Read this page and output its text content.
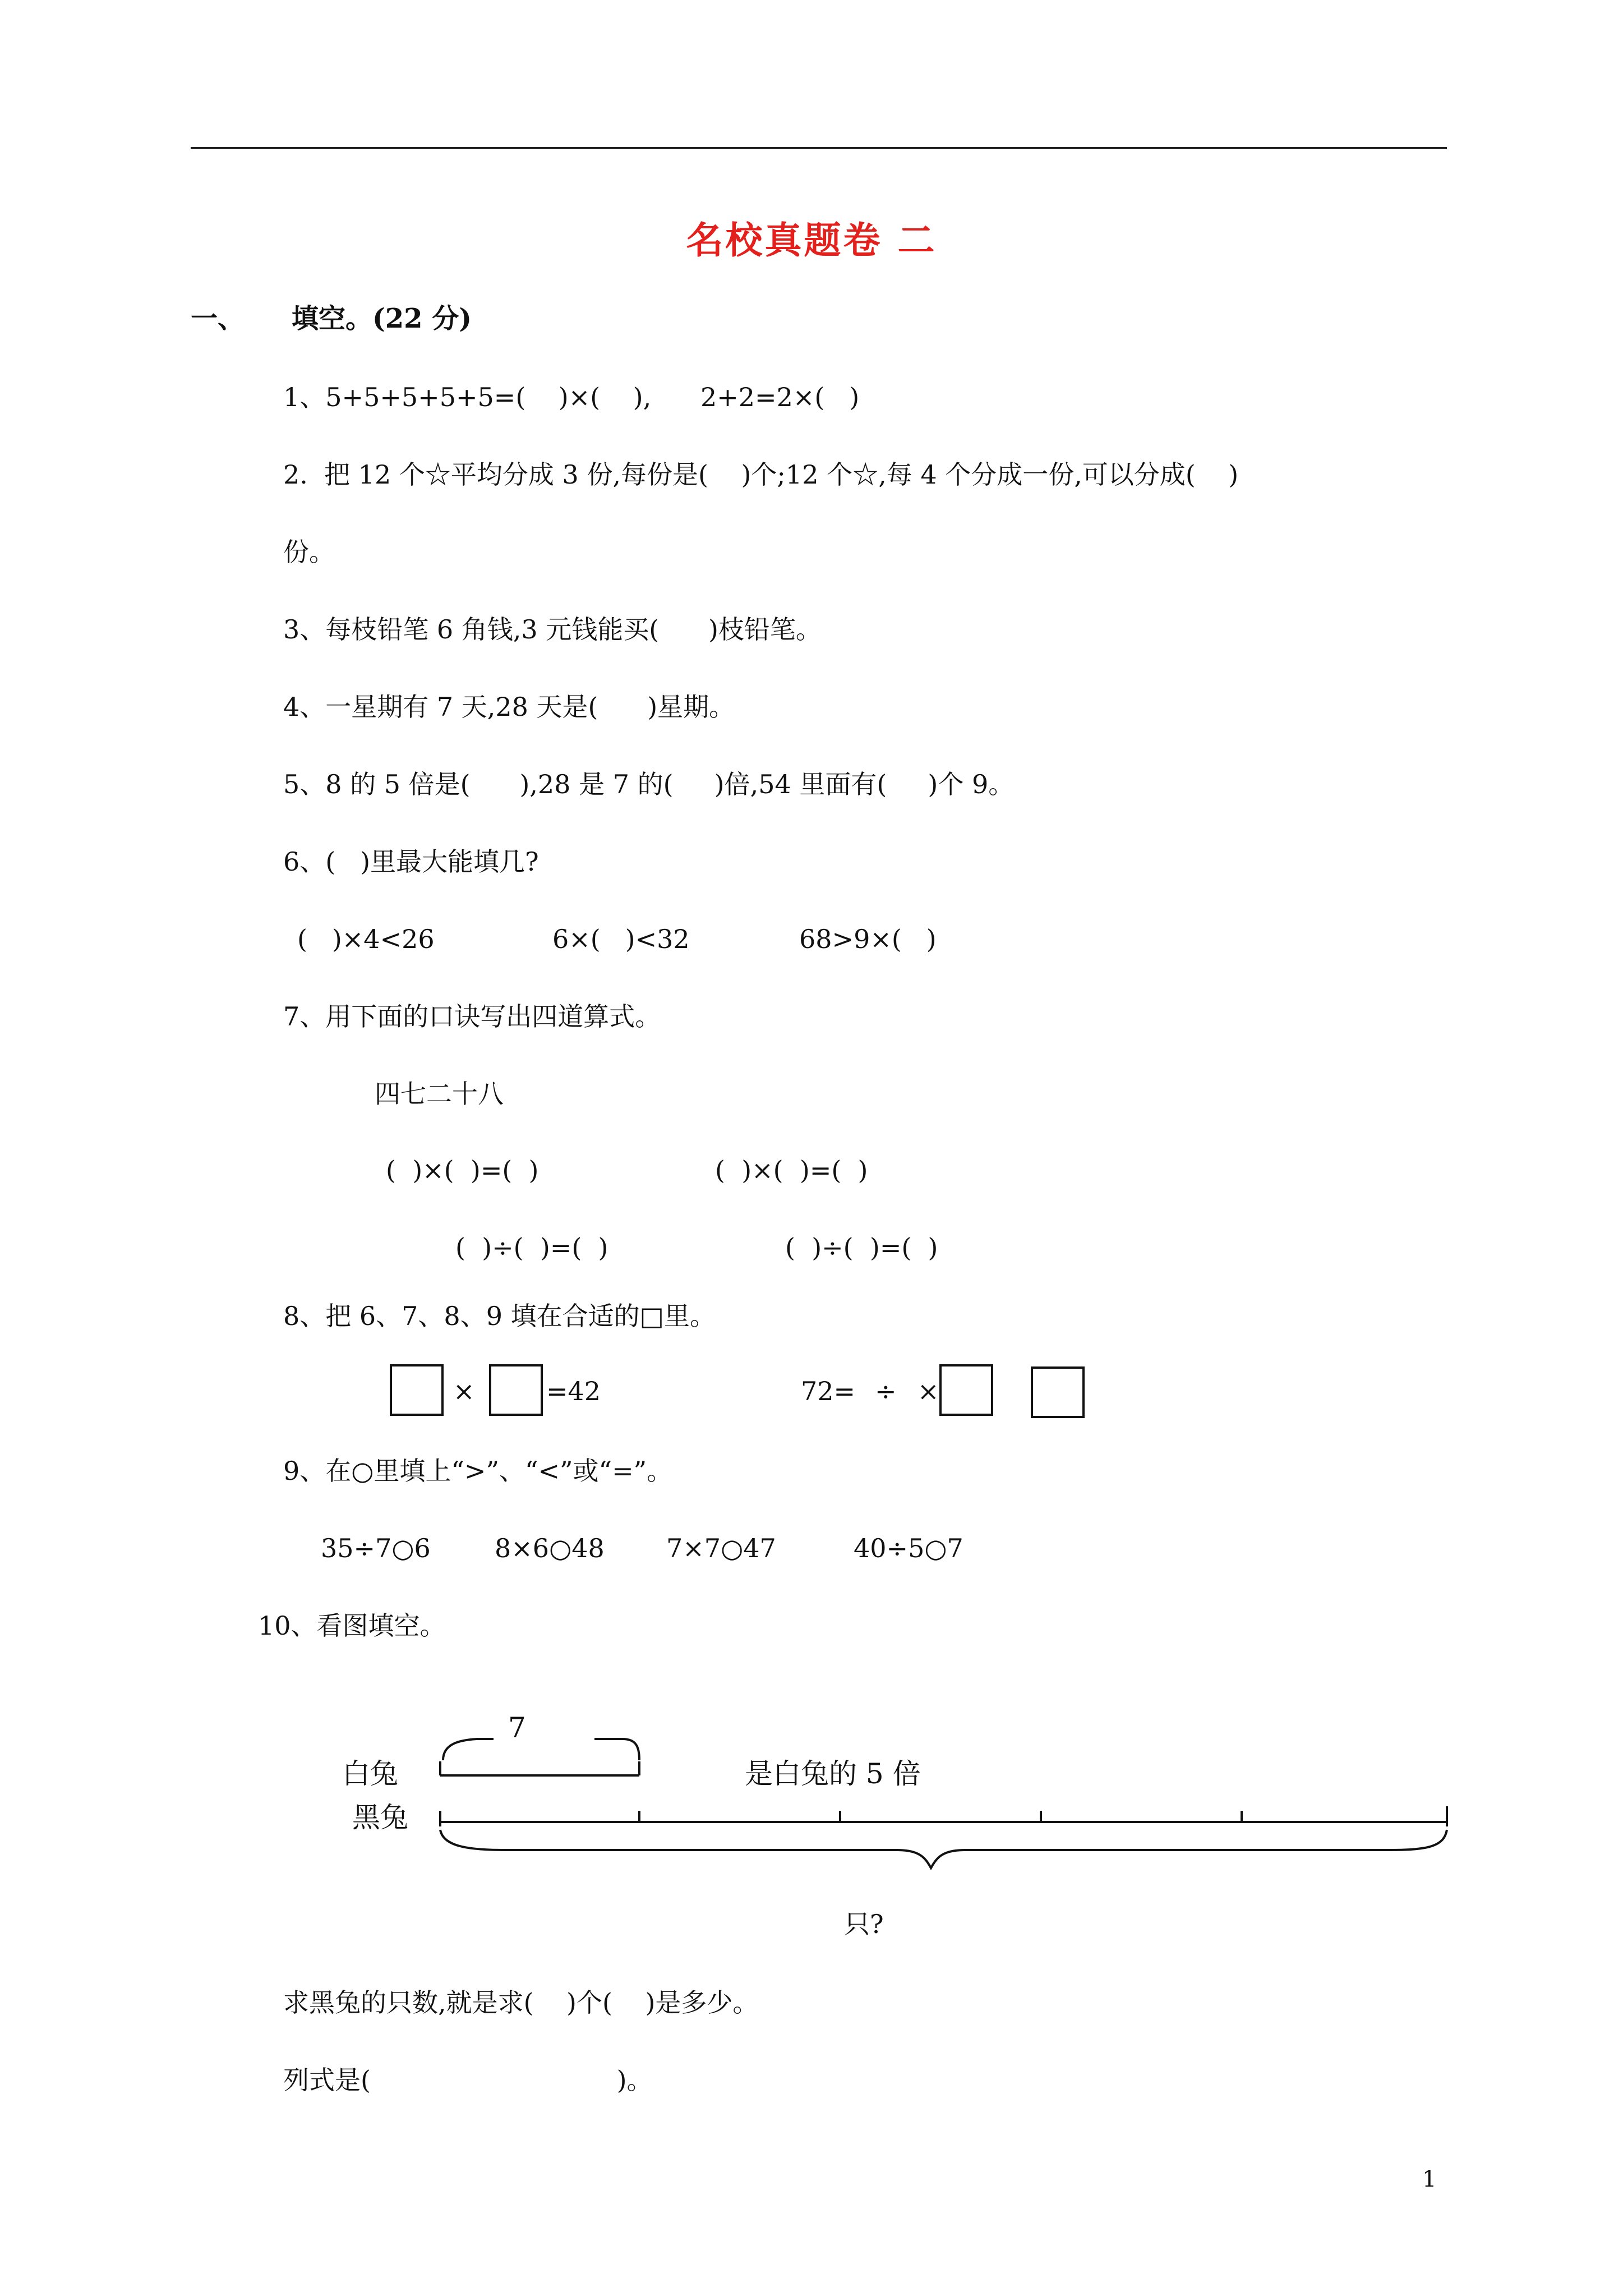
名校真题卷 二
一、 填空。(22 分)
1、5+5+5+5+5=(    )×(    ),      2+2=2×(   )
2.  把 12 个☆平均分成 3 份,每份是(    )个;12 个☆,每 4 个分成一份,可以分成(    )
份。
3、每枝铅笔 6 角钱,3 元钱能买(      )枝铅笔。
4、一星期有 7 天,28 天是(      )星期。
5、8 的 5 倍是(      ),28 是 7 的(     )倍,54 里面有(     )个 9。
6、(   )里最大能填几?
(   )×4<26	6×(   )<32	68>9×(   )
7、用下面的口诀写出四道算式。
四七二十八
(  )×(  )=(  )	(  )×(  )=(  )
(  )÷(  )=(  )	(  )÷(  )=(  )
8、把 6、7、8、9 填在合适的□里。
×	=42	72= ÷ ×
9、在○里填上“>”、“<”或“=”。
35÷7○6 8×6○48 7×7○47	40÷5○7
10、看图填空。
7
白兔
黑兔
是白兔的 5 倍
只?
求黑兔的只数,就是求(    )个(    )是多少。
列式是(                              )。
1
